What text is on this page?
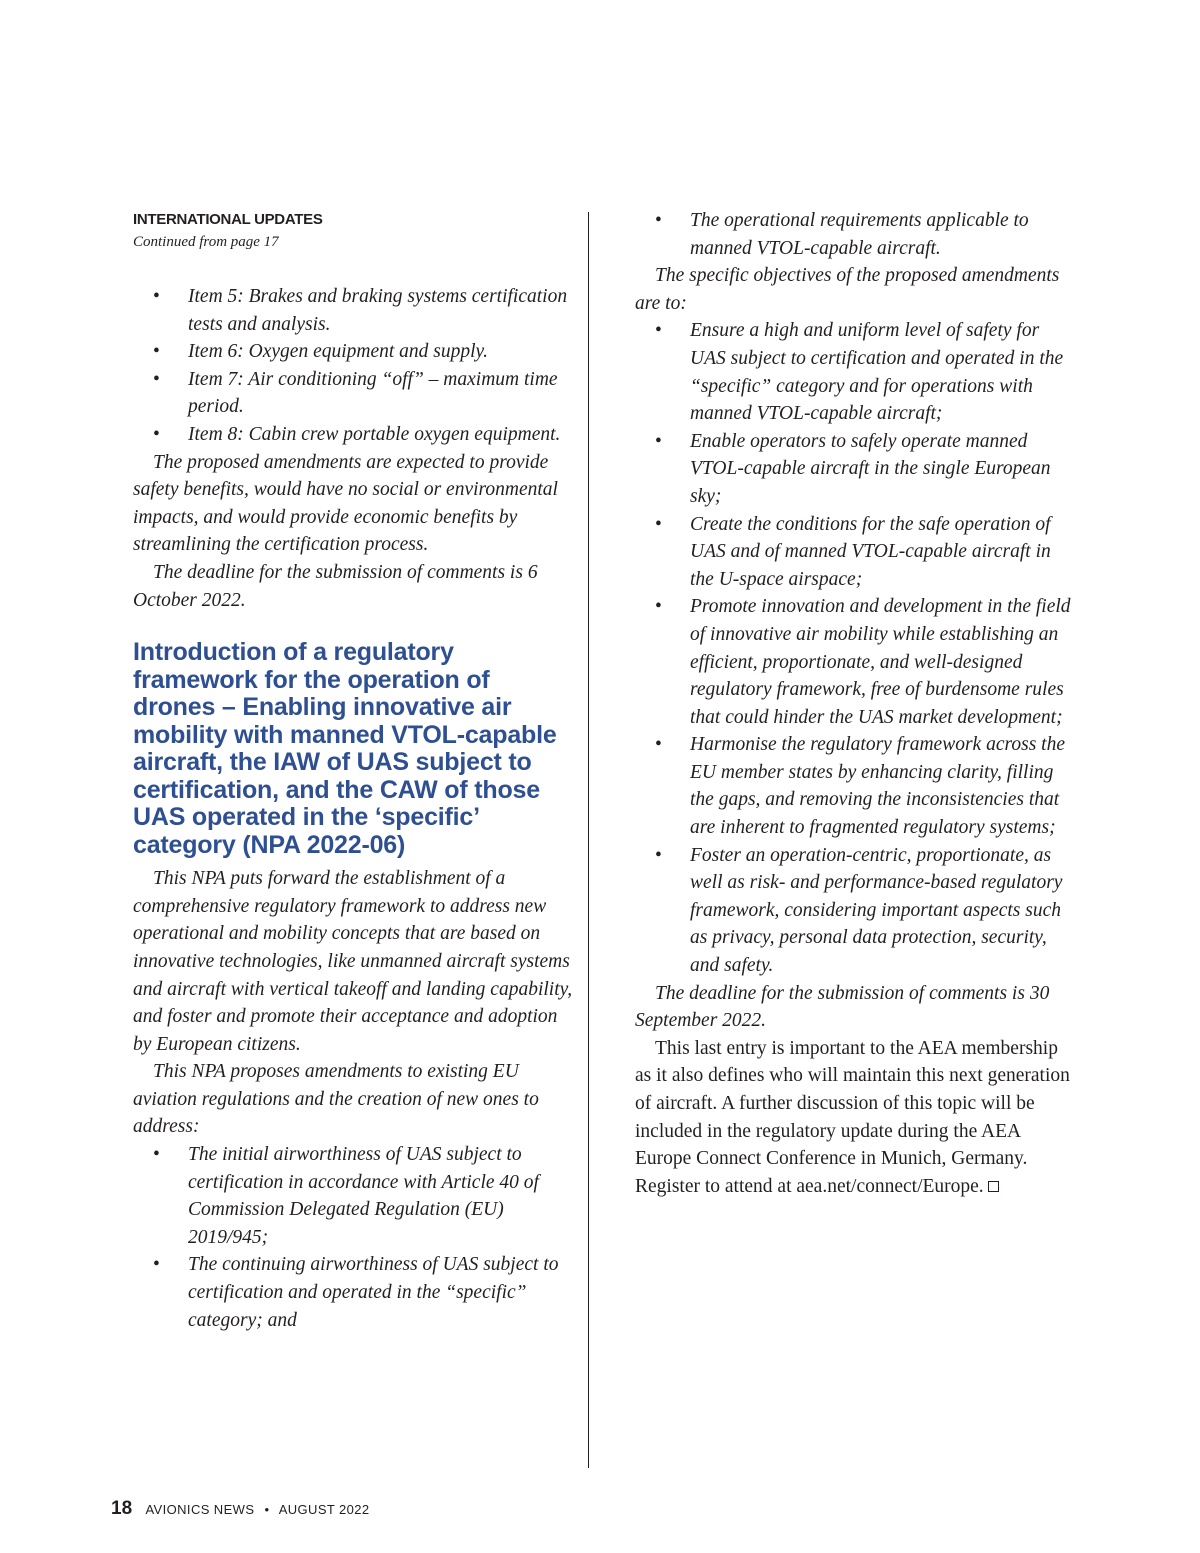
INTERNATIONAL UPDATES
Continued from page 17
• Item 5: Brakes and braking systems certification tests and analysis.
• Item 6: Oxygen equipment and supply.
• Item 7: Air conditioning “off” – maximum time period.
• Item 8: Cabin crew portable oxygen equipment.

The proposed amendments are expected to provide safety benefits, would have no social or environmental impacts, and would provide economic benefits by streamlining the certification process.

The deadline for the submission of comments is 6 October 2022.

Introduction of a regulatory framework for the operation of drones – Enabling innovative air mobility with manned VTOL-capable aircraft, the IAW of UAS subject to certification, and the CAW of those UAS operated in the ‘specific’ category (NPA 2022-06)

This NPA puts forward the establishment of a comprehensive regulatory framework to address new operational and mobility concepts that are based on innovative technologies, like unmanned aircraft systems and aircraft with vertical takeoff and landing capability, and foster and promote their acceptance and adoption by European citizens.

This NPA proposes amendments to existing EU aviation regulations and the creation of new ones to address:

• The initial airworthiness of UAS subject to certification in accordance with Article 40 of Commission Delegated Regulation (EU) 2019/945;
• The continuing airworthiness of UAS subject to certification and operated in the “specific” category; and
• The operational requirements applicable to manned VTOL-capable aircraft.

The specific objectives of the proposed amendments are to:

• Ensure a high and uniform level of safety for UAS subject to certification and operated in the “specific” category and for operations with manned VTOL-capable aircraft;
• Enable operators to safely operate manned VTOL-capable aircraft in the single European sky;
• Create the conditions for the safe operation of UAS and of manned VTOL-capable aircraft in the U-space airspace;
• Promote innovation and development in the field of innovative air mobility while establishing an efficient, proportionate, and well-designed regulatory framework, free of burdensome rules that could hinder the UAS market development;
• Harmonise the regulatory framework across the EU member states by enhancing clarity, filling the gaps, and removing the inconsistencies that are inherent to fragmented regulatory systems;
• Foster an operation-centric, proportionate, as well as risk- and performance-based regulatory framework, considering important aspects such as privacy, personal data protection, security, and safety.

The deadline for the submission of comments is 30 September 2022.

This last entry is important to the AEA membership as it also defines who will maintain this next generation of aircraft. A further discussion of this topic will be included in the regulatory update during the AEA Europe Connect Conference in Munich, Germany. Register to attend at aea.net/connect/Europe.

18 AVIONICS NEWS • AUGUST 2022
